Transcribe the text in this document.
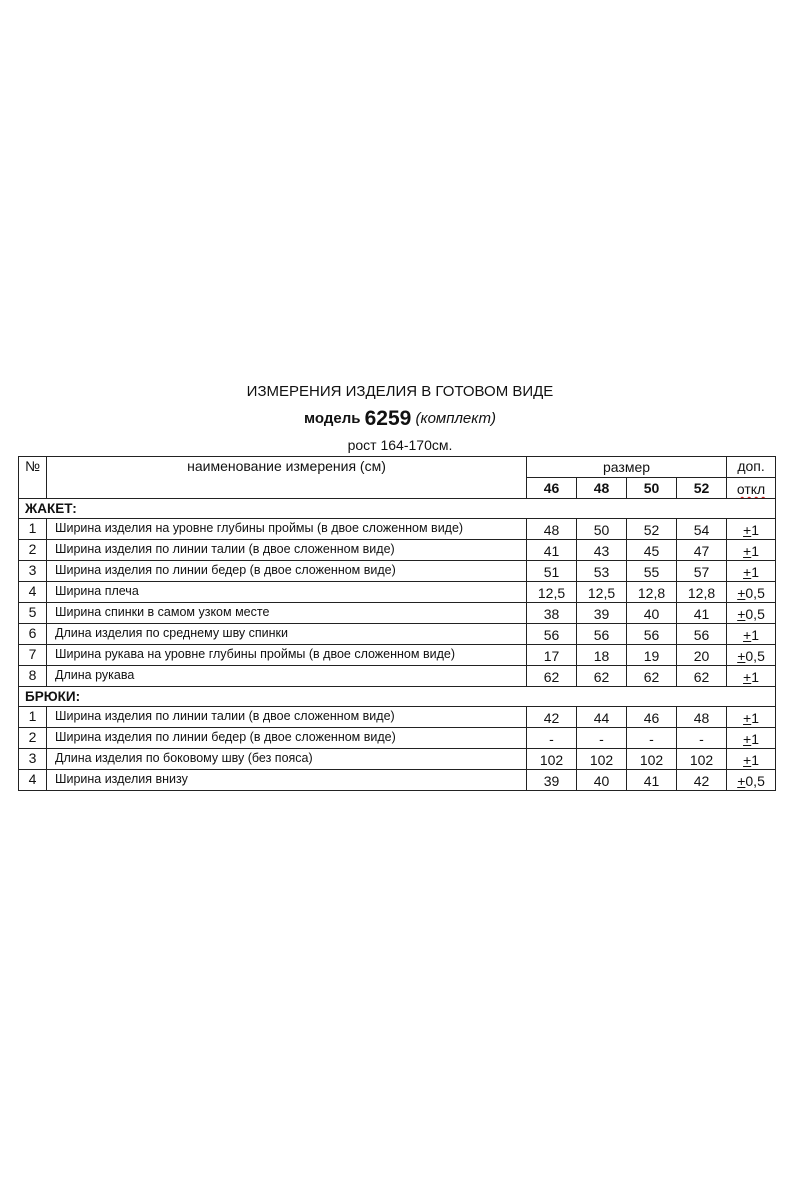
ИЗМЕРЕНИЯ ИЗДЕЛИЯ В ГОТОВОМ ВИДЕ
модель 6259 (комплект)
рост 164-170см.
№	наименование измерения (см)	размер				доп.
		46	48	50	52	откл
ЖАКЕТ:						
1	Ширина изделия на уровне глубины проймы (в двое сложенном виде)	48	50	52	54	+1
2	Ширина изделия по линии талии (в двое сложенном виде)	41	43	45	47	+1
3	Ширина изделия по линии бедер (в двое сложенном виде)	51	53	55	57	+1
4	Ширина плеча	12,5	12,5	12,8	12,8	+0,5
5	Ширина спинки в самом узком месте	38	39	40	41	+0,5
6	Длина изделия по среднему шву спинки	56	56	56	56	+1
7	Ширина рукава на уровне глубины проймы (в двое сложенном виде)	17	18	19	20	+0,5
8	Длина рукава	62	62	62	62	+1
БРЮКИ:						
1	Ширина изделия по линии талии (в двое сложенном виде)	42	44	46	48	+1
2	Ширина изделия по линии бедер (в двое сложенном виде)	-	-	-	-	+1
3	Длина изделия по боковому шву (без пояса)	102	102	102	102	+1
4	Ширина изделия внизу	39	40	41	42	+0,5
